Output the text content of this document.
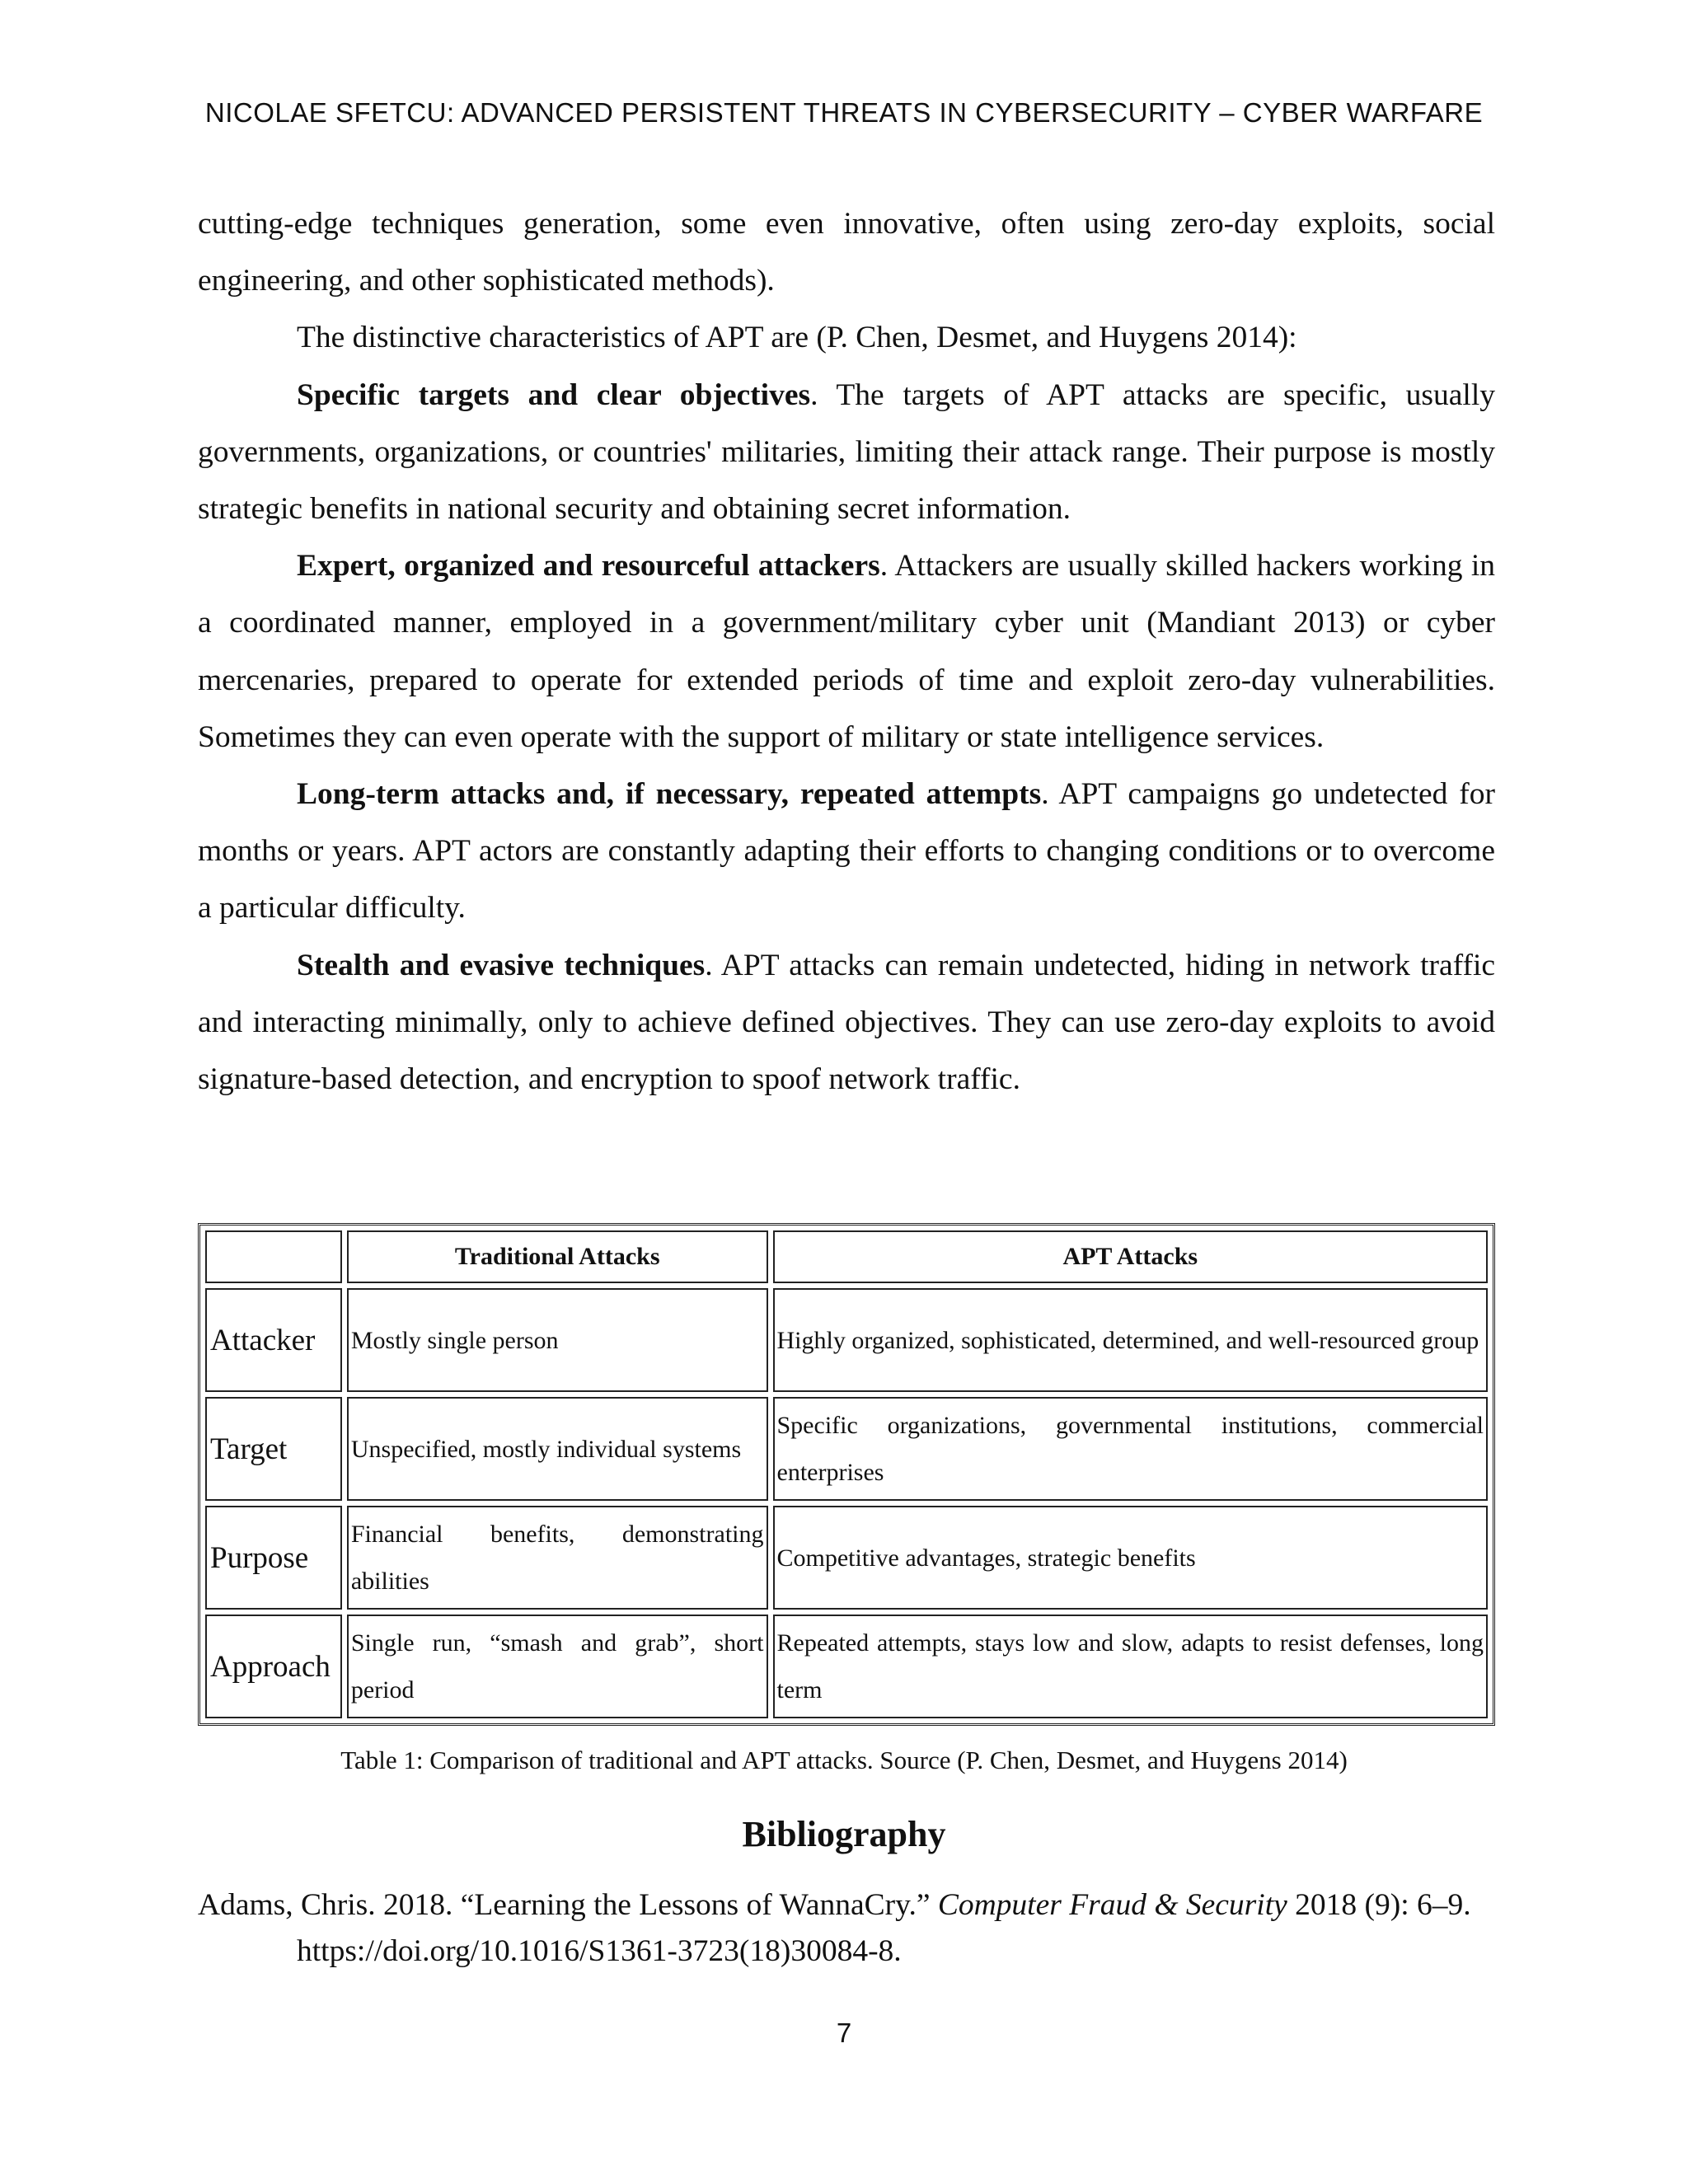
NICOLAE SFETCU: ADVANCED PERSISTENT THREATS IN CYBERSECURITY – CYBER WARFARE

cutting-edge techniques generation, some even innovative, often using zero-day exploits, social engineering, and other sophisticated methods).

The distinctive characteristics of APT are (P. Chen, Desmet, and Huygens 2014):

Specific targets and clear objectives. The targets of APT attacks are specific, usually governments, organizations, or countries' militaries, limiting their attack range. Their purpose is mostly strategic benefits in national security and obtaining secret information.

Expert, organized and resourceful attackers. Attackers are usually skilled hackers working in a coordinated manner, employed in a government/military cyber unit (Mandiant 2013) or cyber mercenaries, prepared to operate for extended periods of time and exploit zero-day vulnerabilities. Sometimes they can even operate with the support of military or state intelligence services.

Long-term attacks and, if necessary, repeated attempts. APT campaigns go undetected for months or years. APT actors are constantly adapting their efforts to changing conditions or to overcome a particular difficulty.

Stealth and evasive techniques. APT attacks can remain undetected, hiding in network traffic and interacting minimally, only to achieve defined objectives. They can use zero-day exploits to avoid signature-based detection, and encryption to spoof network traffic.

	Traditional Attacks	APT Attacks
Attacker	Mostly single person	Highly organized, sophisticated, determined, and well-resourced group
Target	Unspecified, mostly individual systems	Specific organizations, governmental institutions, commercial enterprises
Purpose	Financial benefits, demonstrating abilities	Competitive advantages, strategic benefits
Approach	Single run, “smash and grab”, short period	Repeated attempts, stays low and slow, adapts to resist defenses, long term
Table 1: Comparison of traditional and APT attacks. Source (P. Chen, Desmet, and Huygens 2014)
Bibliography
Adams, Chris. 2018. “Learning the Lessons of WannaCry.” Computer Fraud & Security 2018 (9): 6–9. https://doi.org/10.1016/S1361-3723(18)30084-8.
7
